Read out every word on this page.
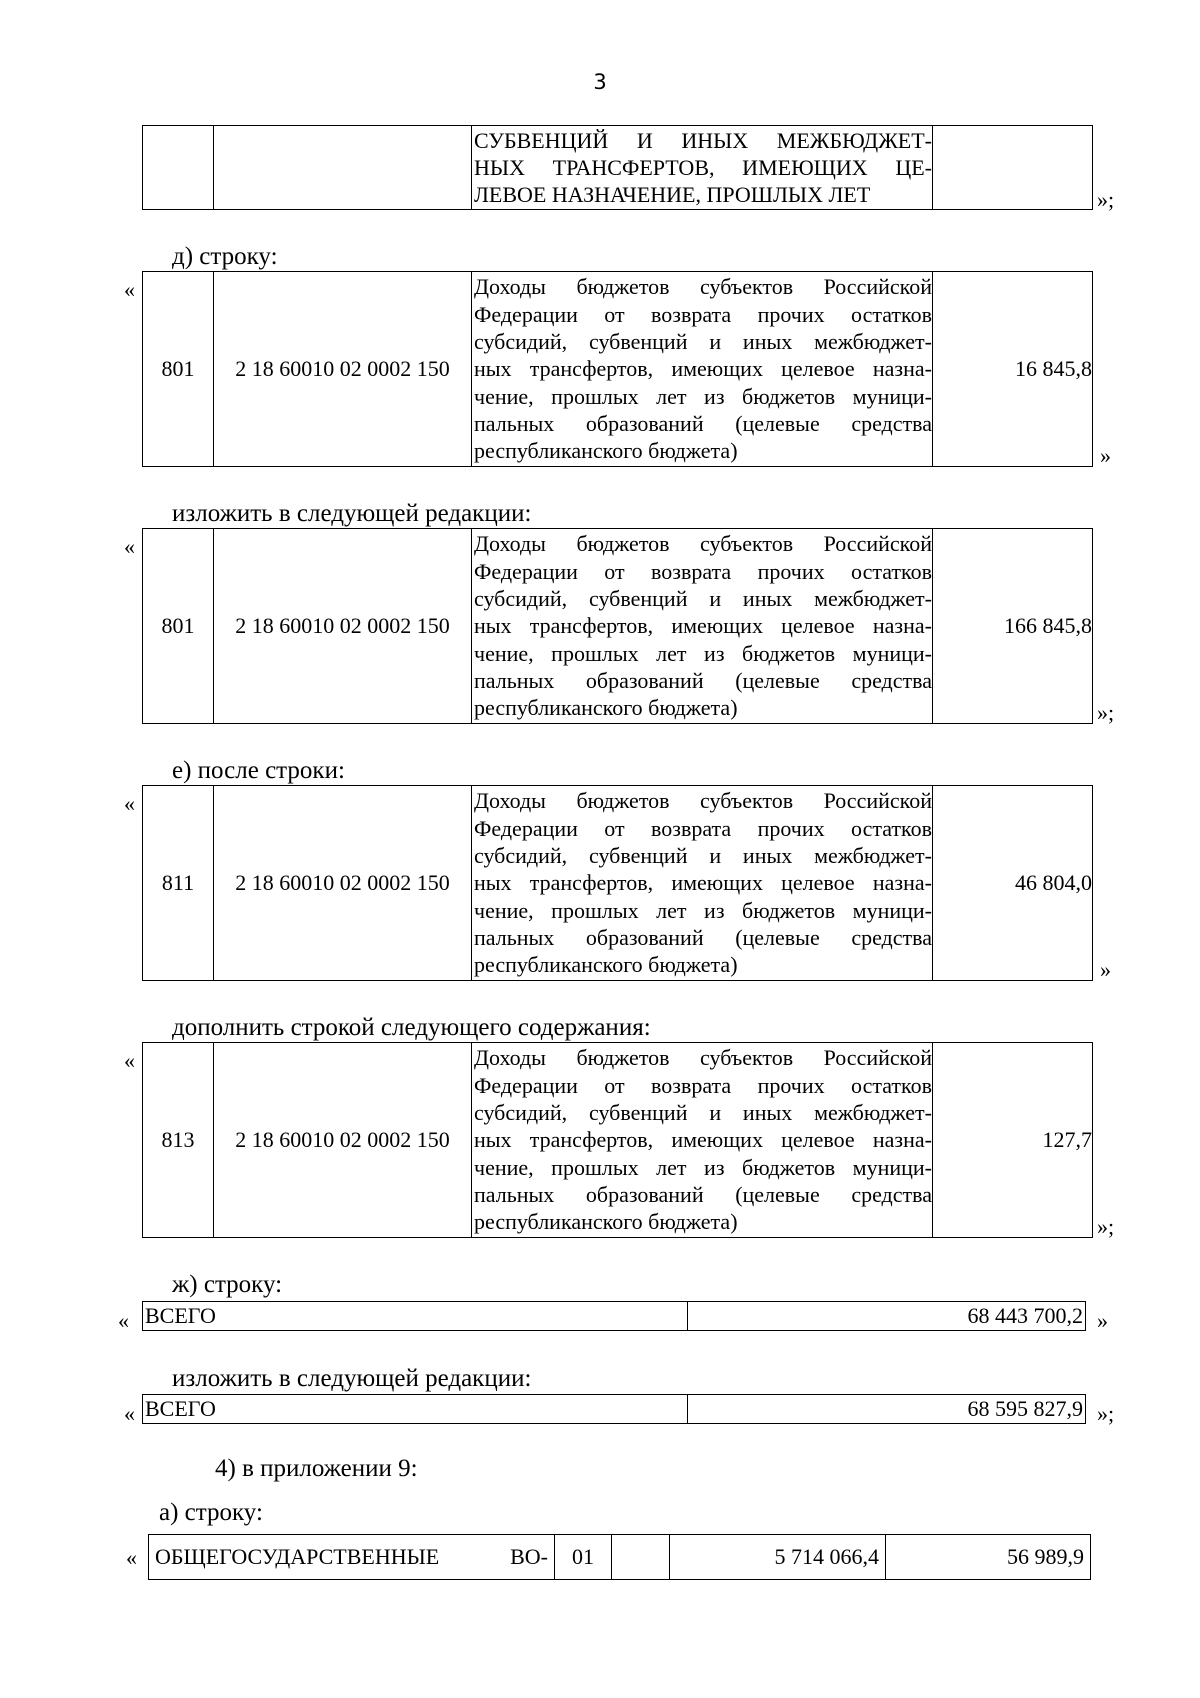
3

СУБВЕНЦИЙ И ИНЫХ МЕЖБЮДЖЕТ-
НЫХ ТРАНСФЕРТОВ, ИМЕЮЩИХ ЦЕ-
ЛЕВОЕ НАЗНАЧЕНИЕ, ПРОШЛЫХ ЛЕТ
		»;
д) строку:
«
801	2 18 60010 02 0002 150	
Доходы бюджетов субъектов Российской
Федерации от возврата прочих остатков
субсидий, субвенций и иных межбюджет-
ных трансфертов, имеющих целевое назна-
чение, прошлых лет из бюджетов муници-
пальных образований (целевые средства
республиканского бюджета)
	16 845,8
»
изложить в следующей редакции:
«
801	2 18 60010 02 0002 150	
Доходы бюджетов субъектов Российской
Федерации от возврата прочих остатков
субсидий, субвенций и иных межбюджет-
ных трансфертов, имеющих целевое назна-
чение, прошлых лет из бюджетов муници-
пальных образований (целевые средства
республиканского бюджета)
	166 845,8
»;
е) после строки:
«
811	2 18 60010 02 0002 150	
Доходы бюджетов субъектов Российской
Федерации от возврата прочих остатков
субсидий, субвенций и иных межбюджет-
ных трансфертов, имеющих целевое назна-
чение, прошлых лет из бюджетов муници-
пальных образований (целевые средства
республиканского бюджета)
	46 804,0
»
дополнить строкой следующего содержания:
«
813	2 18 60010 02 0002 150	
Доходы бюджетов субъектов Российской
Федерации от возврата прочих остатков
субсидий, субвенций и иных межбюджет-
ных трансфертов, имеющих целевое назна-
чение, прошлых лет из бюджетов муници-
пальных образований (целевые средства
республиканского бюджета)
	127,7
»;
ж) строку:
« ВСЕГО	68 443 700,2 »
изложить в следующей редакции:
« ВСЕГО	68 595 827,9 »;
4) в приложении 9:
а) строку:
« ОБЩЕГОСУДАРСТВЕННЫЕ ВО-	01		5 714 066,4	56 989,9
